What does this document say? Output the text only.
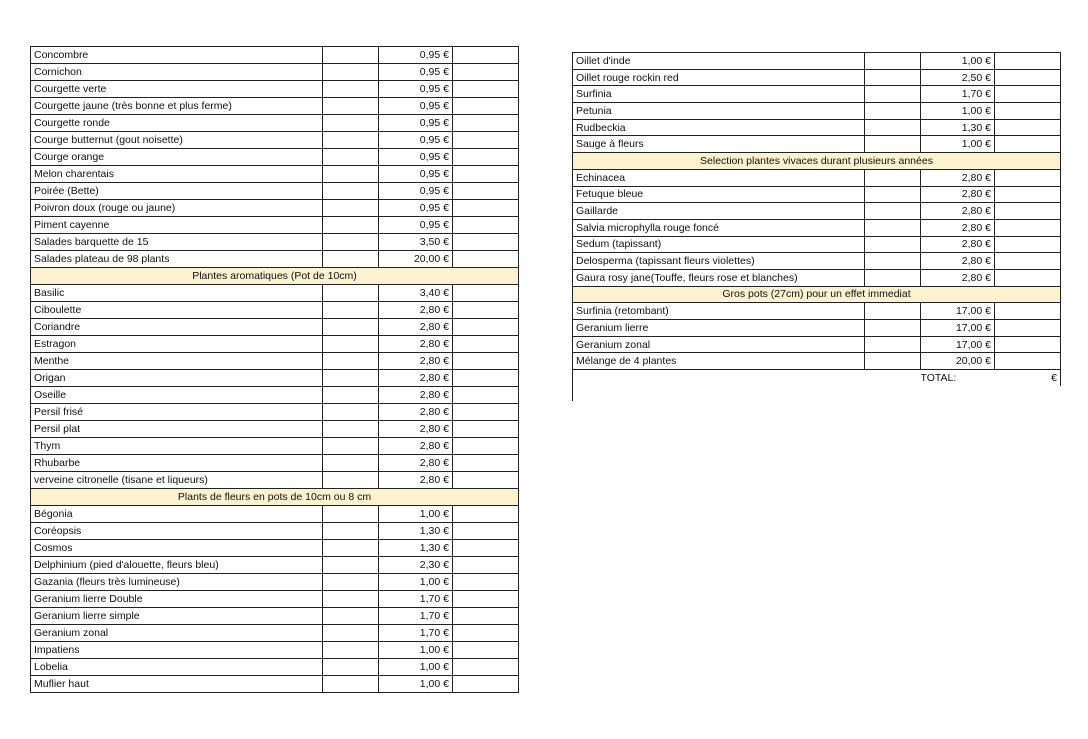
Concombre		0,95 €	
Cornichon		0,95 €	
Courgette verte		0,95 €	
Courgette jaune (très bonne et plus ferme)		0,95 €	
Courgette ronde		0,95 €	
Courge butternut (gout noisette)		0,95 €	
Courge orange		0,95 €	
Melon charentais		0,95 €	
Poirée (Bette)		0,95 €	
Poivron doux (rouge ou jaune)		0,95 €	
Piment cayenne		0,95 €	
Salades barquette de 15		3,50 €	
Salades plateau de 98 plants		20,00 €	
Plantes aromatiques (Pot de 10cm)			
Basilic		3,40 €	
Ciboulette		2,80 €	
Coriandre		2,80 €	
Estragon		2,80 €	
Menthe		2,80 €	
Origan		2,80 €	
Oseille		2,80 €	
Persil frisé		2,80 €	
Persil plat		2,80 €	
Thym		2,80 €	
Rhubarbe		2,80 €	
verveine citronelle (tisane et liqueurs)		2,80 €	
Plants de fleurs en pots de 10cm ou 8 cm			
Bégonia		1,00 €	
Coréopsis		1,30 €	
Cosmos		1,30 €	
Delphinium (pied d'alouette, fleurs bleu)		2,30 €	
Gazania (fleurs très lumineuse)		1,00 €	
Geranium lierre Double		1,70 €	
Geranium lierre simple		1,70 €	
Geranium zonal		1,70 €	
Impatiens		1,00 €	
Lobelia		1,00 €	
Muflier haut		1,00 €	
Oillet d'inde		1,00 €	
Oillet rouge rockin red		2,50 €	
Surfinia		1,70 €	
Petunia		1,00 €	
Rudbeckia		1,30 €	
Sauge à fleurs		1,00 €	
Selection plantes vivaces durant plusieurs années			
Echinacea		2,80 €	
Fetuque bleue		2,80 €	
Gaillarde		2,80 €	
Salvia microphylla rouge foncé		2,80 €	
Sedum (tapissant)		2,80 €	
Delosperma (tapissant fleurs violettes)		2,80 €	
Gaura rosy jane(Touffe, fleurs rose et blanches)		2,80 €	
Gros pots (27cm) pour un effet immediat			
Surfinia (retombant)		17,00 €	
Geranium lierre		17,00 €	
Geranium zonal		17,00 €	
Mélange de 4 plantes		20,00 €	
		TOTAL:	€
